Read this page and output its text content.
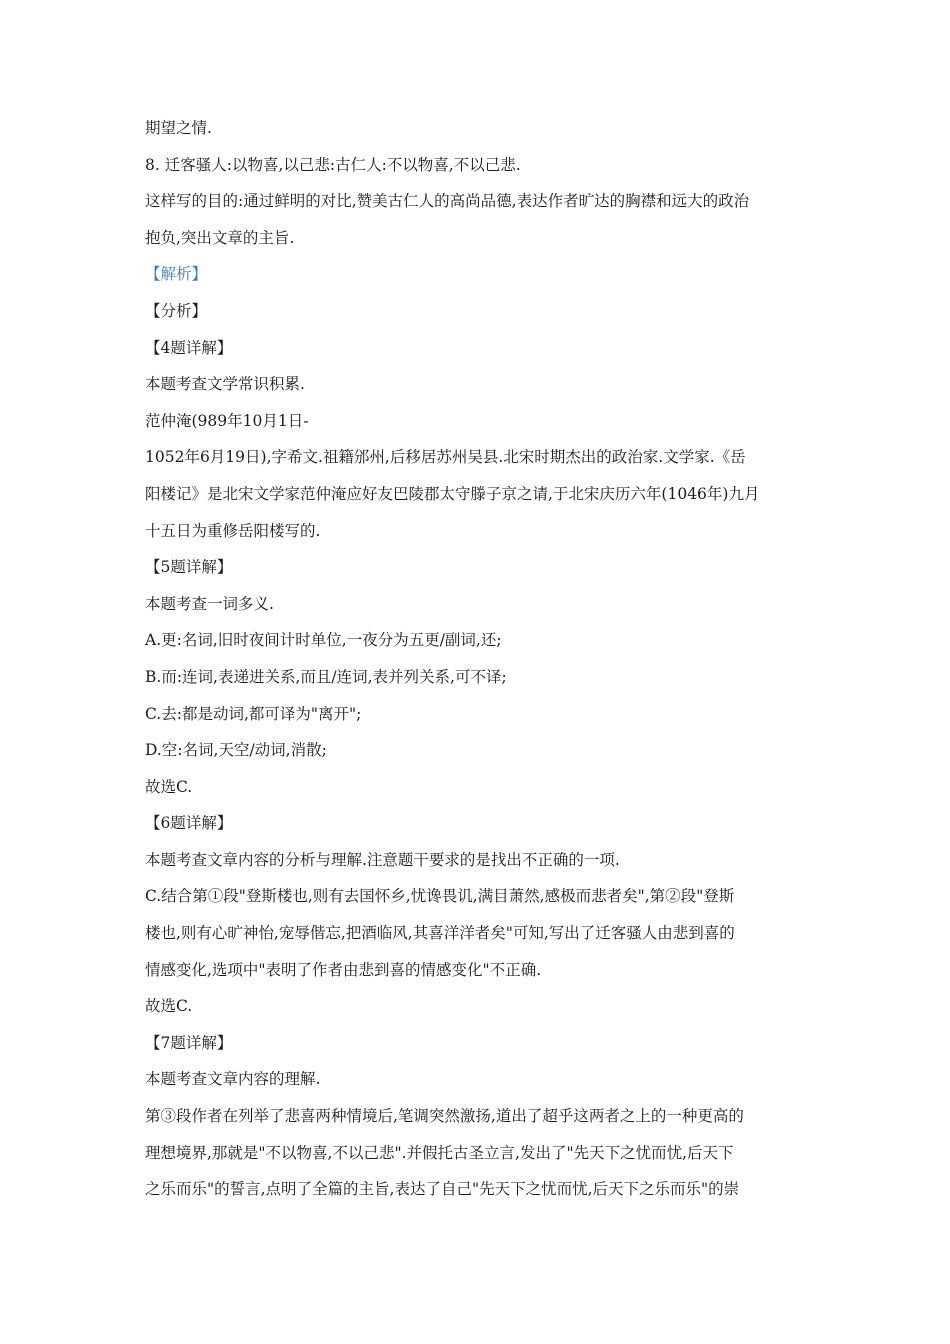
期望之情.
8. 迁客骚人:以物喜,以己悲:古仁人:不以物喜,不以己悲.
这样写的目的:通过鲜明的对比,赞美古仁人的高尚品德,表达作者旷达的胸襟和远大的政治
抱负,突出文章的主旨.
【解析】
【分析】
【4题详解】
本题考查文学常识积累.
范仲淹(989年10月1日-
1052年6月19日),字希文.祖籍邠州,后移居苏州吴县.北宋时期杰出的政治家.文学家.《岳
阳楼记》是北宋文学家范仲淹应好友巴陵郡太守滕子京之请,于北宋庆历六年(1046年)九月
十五日为重修岳阳楼写的.
【5题详解】
本题考查一词多义.
A.更:名词,旧时夜间计时单位,一夜分为五更/副词,还;
B.而:连词,表递进关系,而且/连词,表并列关系,可不译;
C.去:都是动词,都可译为"离开";
D.空:名词,天空/动词,消散;
故选C.
【6题详解】
本题考查文章内容的分析与理解.注意题干要求的是找出不正确的一项.
C.结合第①段"登斯楼也,则有去国怀乡,忧谗畏讥,满目萧然,感极而悲者矣",第②段"登斯
楼也,则有心旷神怡,宠辱偕忘,把酒临风,其喜洋洋者矣"可知,写出了迁客骚人由悲到喜的
情感变化,选项中"表明了作者由悲到喜的情感变化"不正确.
故选C.
【7题详解】
本题考查文章内容的理解.
第③段作者在列举了悲喜两种情境后,笔调突然激扬,道出了超乎这两者之上的一种更高的
理想境界,那就是"不以物喜,不以己悲".并假托古圣立言,发出了"先天下之忧而忧,后天下
之乐而乐"的誓言,点明了全篇的主旨,表达了自己"先天下之忧而忧,后天下之乐而乐"的崇
